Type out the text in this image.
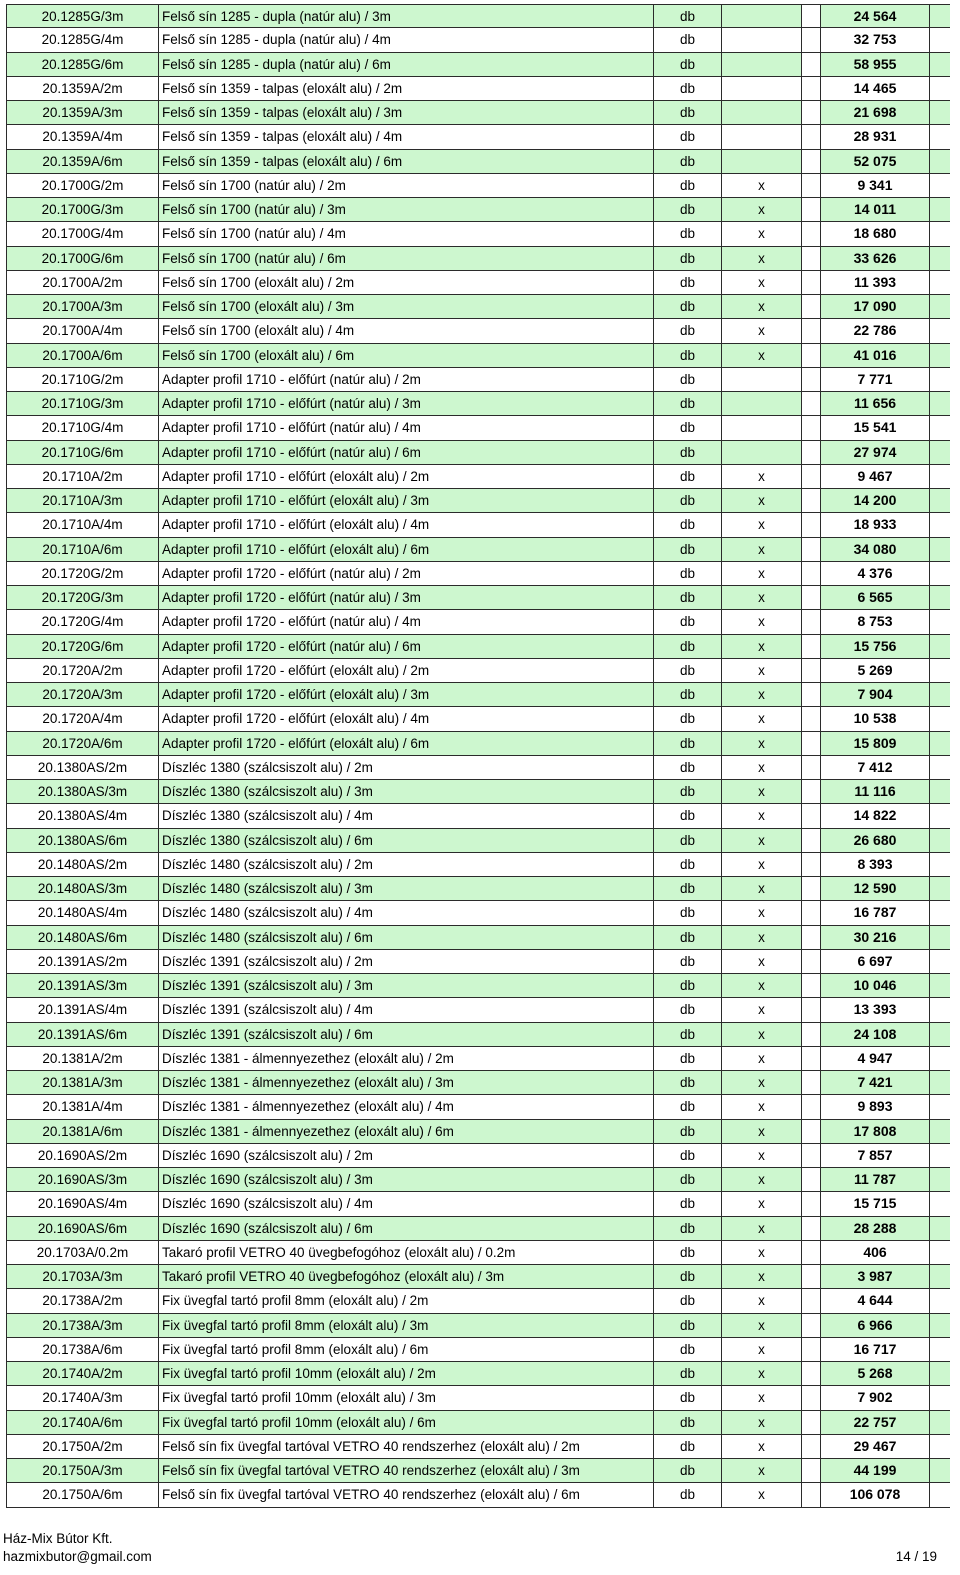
20.1285G/3m	Felső sín 1285 - dupla (natúr alu) / 3m	db	24 564
20.1285G/4m	Felső sín 1285 - dupla (natúr alu) / 4m	db	32 753
20.1285G/6m	Felső sín 1285 - dupla (natúr alu) / 6m	db	58 955
20.1359A/2m	Felső sín 1359 - talpas (eloxált alu) / 2m	db	14 465
20.1359A/3m	Felső sín 1359 - talpas (eloxált alu) / 3m	db	21 698
20.1359A/4m	Felső sín 1359 - talpas (eloxált alu) / 4m	db	28 931
20.1359A/6m	Felső sín 1359 - talpas (eloxált alu) / 6m	db	52 075
20.1700G/2m	Felső sín 1700 (natúr alu) / 2m	db	x	9 341
20.1700G/3m	Felső sín 1700 (natúr alu) / 3m	db	x	14 011
20.1700G/4m	Felső sín 1700 (natúr alu) / 4m	db	x	18 680
20.1700G/6m	Felső sín 1700 (natúr alu) / 6m	db	x	33 626
20.1700A/2m	Felső sín 1700 (eloxált alu) / 2m	db	x	11 393
20.1700A/3m	Felső sín 1700 (eloxált alu) / 3m	db	x	17 090
20.1700A/4m	Felső sín 1700 (eloxált alu) / 4m	db	x	22 786
20.1700A/6m	Felső sín 1700 (eloxált alu) / 6m	db	x	41 016
20.1710G/2m	Adapter profil 1710 - előfúrt (natúr alu) / 2m	db	7 771
20.1710G/3m	Adapter profil 1710 - előfúrt (natúr alu) / 3m	db	11 656
20.1710G/4m	Adapter profil 1710 - előfúrt (natúr alu) / 4m	db	15 541
20.1710G/6m	Adapter profil 1710 - előfúrt (natúr alu) / 6m	db	27 974
20.1710A/2m	Adapter profil 1710 - előfúrt (eloxált alu) / 2m	db	x	9 467
20.1710A/3m	Adapter profil 1710 - előfúrt (eloxált alu) / 3m	db	x	14 200
20.1710A/4m	Adapter profil 1710 - előfúrt (eloxált alu) / 4m	db	x	18 933
20.1710A/6m	Adapter profil 1710 - előfúrt (eloxált alu) / 6m	db	x	34 080
20.1720G/2m	Adapter profil 1720 - előfúrt (natúr alu) / 2m	db	x	4 376
20.1720G/3m	Adapter profil 1720 - előfúrt (natúr alu) / 3m	db	x	6 565
20.1720G/4m	Adapter profil 1720 - előfúrt (natúr alu) / 4m	db	x	8 753
20.1720G/6m	Adapter profil 1720 - előfúrt (natúr alu) / 6m	db	x	15 756
20.1720A/2m	Adapter profil 1720 - előfúrt (eloxált alu) / 2m	db	x	5 269
20.1720A/3m	Adapter profil 1720 - előfúrt (eloxált alu) / 3m	db	x	7 904
20.1720A/4m	Adapter profil 1720 - előfúrt (eloxált alu) / 4m	db	x	10 538
20.1720A/6m	Adapter profil 1720 - előfúrt (eloxált alu) / 6m	db	x	15 809
20.1380AS/2m	Díszléc 1380 (szálcsiszolt alu) / 2m	db	x	7 412
20.1380AS/3m	Díszléc 1380 (szálcsiszolt alu) / 3m	db	x	11 116
20.1380AS/4m	Díszléc 1380 (szálcsiszolt alu) / 4m	db	x	14 822
20.1380AS/6m	Díszléc 1380 (szálcsiszolt alu) / 6m	db	x	26 680
20.1480AS/2m	Díszléc 1480 (szálcsiszolt alu) / 2m	db	x	8 393
20.1480AS/3m	Díszléc 1480 (szálcsiszolt alu) / 3m	db	x	12 590
20.1480AS/4m	Díszléc 1480 (szálcsiszolt alu) / 4m	db	x	16 787
20.1480AS/6m	Díszléc 1480 (szálcsiszolt alu) / 6m	db	x	30 216
20.1391AS/2m	Díszléc 1391 (szálcsiszolt alu) / 2m	db	x	6 697
20.1391AS/3m	Díszléc 1391 (szálcsiszolt alu) / 3m	db	x	10 046
20.1391AS/4m	Díszléc 1391 (szálcsiszolt alu) / 4m	db	x	13 393
20.1391AS/6m	Díszléc 1391 (szálcsiszolt alu) / 6m	db	x	24 108
20.1381A/2m	Díszléc 1381 - álmennyezethez (eloxált alu) / 2m	db	x	4 947
20.1381A/3m	Díszléc 1381 - álmennyezethez (eloxált alu) / 3m	db	x	7 421
20.1381A/4m	Díszléc 1381 - álmennyezethez (eloxált alu) / 4m	db	x	9 893
20.1381A/6m	Díszléc 1381 - álmennyezethez (eloxált alu) / 6m	db	x	17 808
20.1690AS/2m	Díszléc 1690 (szálcsiszolt alu) / 2m	db	x	7 857
20.1690AS/3m	Díszléc 1690 (szálcsiszolt alu) / 3m	db	x	11 787
20.1690AS/4m	Díszléc 1690 (szálcsiszolt alu) / 4m	db	x	15 715
20.1690AS/6m	Díszléc 1690 (szálcsiszolt alu) / 6m	db	x	28 288
20.1703A/0.2m	Takaró profil VETRO 40 üvegbefogóhoz (eloxált alu) / 0.2m	db	x	406
20.1703A/3m	Takaró profil VETRO 40 üvegbefogóhoz (eloxált alu) / 3m	db	x	3 987
20.1738A/2m	Fix üvegfal tartó profil 8mm (eloxált alu) / 2m	db	x	4 644
20.1738A/3m	Fix üvegfal tartó profil 8mm (eloxált alu) / 3m	db	x	6 966
20.1738A/6m	Fix üvegfal tartó profil 8mm (eloxált alu) / 6m	db	x	16 717
20.1740A/2m	Fix üvegfal tartó profil 10mm (eloxált alu) / 2m	db	x	5 268
20.1740A/3m	Fix üvegfal tartó profil 10mm (eloxált alu) / 3m	db	x	7 902
20.1740A/6m	Fix üvegfal tartó profil 10mm (eloxált alu) / 6m	db	x	22 757
20.1750A/2m	Felső sín fix üvegfal tartóval VETRO 40 rendszerhez (eloxált alu) / 2m	db	x	29 467
20.1750A/3m	Felső sín fix üvegfal tartóval VETRO 40 rendszerhez (eloxált alu) / 3m	db	x	44 199
20.1750A/6m	Felső sín fix üvegfal tartóval VETRO 40 rendszerhez (eloxált alu) / 6m	db	x	106 078
Ház-Mix Bútor Kft.
hazmixbutor@gmail.com	14 / 19
